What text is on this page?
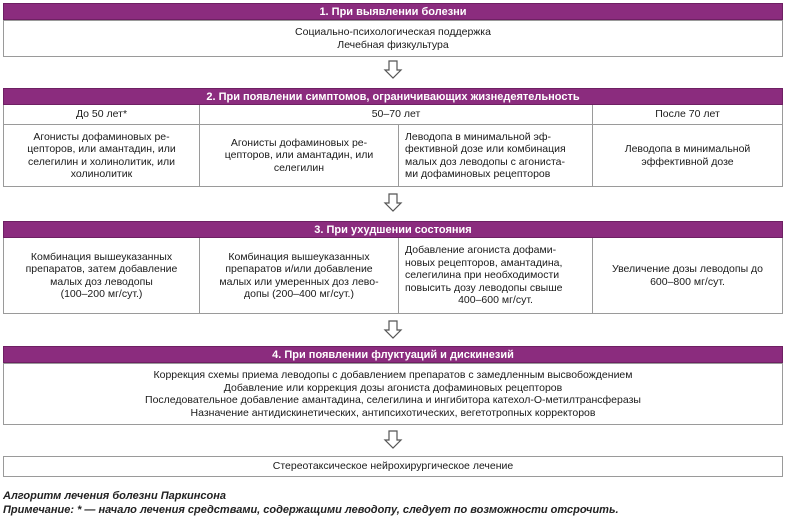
1. При выявлении болезни
Социально-психологическая поддержка
Лечебная физкультура
2. При появлении симптомов, ограничивающих жизнедеятельность
До 50 лет*	50–70 лет	После 70 лет
Агонисты дофаминовых ре-
цепторов, или амантадин, или
селегилин и холинолитик, или
холинолитик
Агонисты дофаминовых ре-
цепторов, или амантадин, или
селегилин
Леводопа в минимальной эф-
фективной дозе или комбинация
малых доз леводопы с агониста-
ми дофаминовых рецепторов
Леводопа в минимальной
эффективной дозе
3. При ухудшении состояния
Комбинация вышеуказанных
препаратов, затем добавление
малых доз леводопы
(100–200 мг/сут.)
Комбинация вышеуказанных
препаратов и/или добавление
малых или умеренных доз лево-
допы (200–400 мг/сут.)
Добавление агониста дофами-
новых рецепторов, амантадина,
селегилина при необходимости
повысить дозу леводопы свыше
400–600 мг/сут.
Увеличение дозы леводопы до
600–800 мг/сут.
4. При появлении флуктуаций и дискинезий
Коррекция схемы приема леводопы с добавлением препаратов с замедленным высвобождением
Добавление или коррекция дозы агониста дофаминовых рецепторов
Последовательное добавление амантадина, селегилина и ингибитора катехол-О-метилтрансферазы
Назначение антидискинетических, антипсихотических, вегетотропных корректоров
Стереотаксическое нейрохирургическое лечение
Алгоритм лечения болезни Паркинсона
Примечание: * — начало лечения средствами, содержащими леводопу, следует по возможности отсрочить.
